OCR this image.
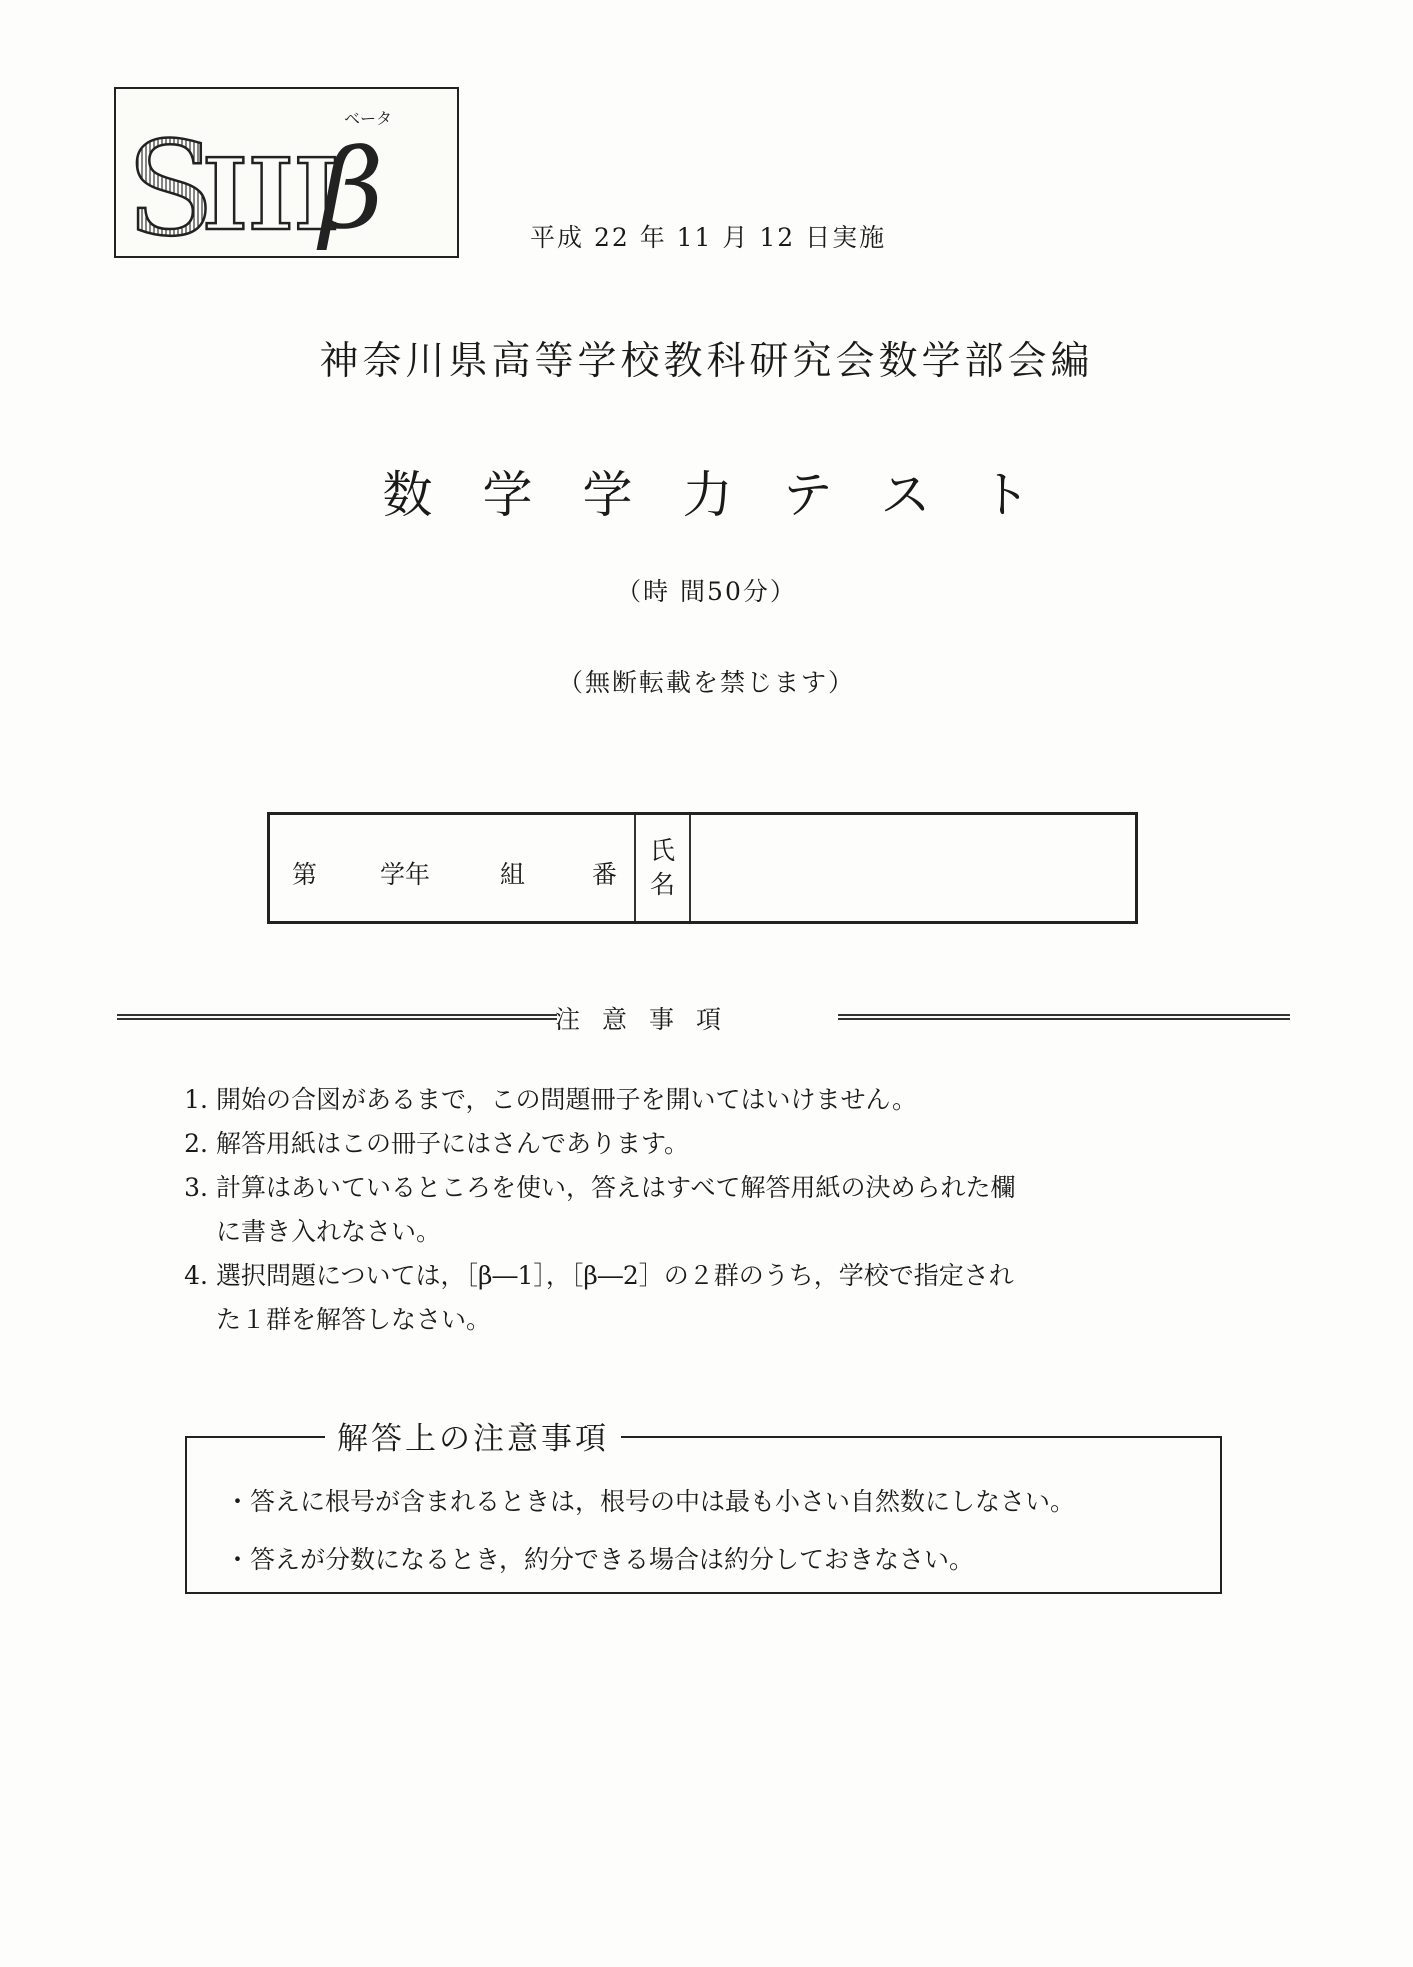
S
III
β
ベータ
平成 22 年 11 月 12 日実施
神奈川県高等学校教科研究会数学部会編
数学学力テスト
（時 間50分）
（無断転載を禁じます）
第	学年	組	番
氏
名
注意事項
1. 開始の合図があるまで，この問題冊子を開いてはいけません。
2. 解答用紙はこの冊子にはさんであります。
3. 計算はあいているところを使い，答えはすべて解答用紙の決められた欄
に書き入れなさい。
4. 選択問題については，［β―1］，［β―2］の２群のうち，学校で指定され
た１群を解答しなさい。
解答上の注意事項
・答えに根号が含まれるときは，根号の中は最も小さい自然数にしなさい。
・答えが分数になるとき，約分できる場合は約分しておきなさい。
